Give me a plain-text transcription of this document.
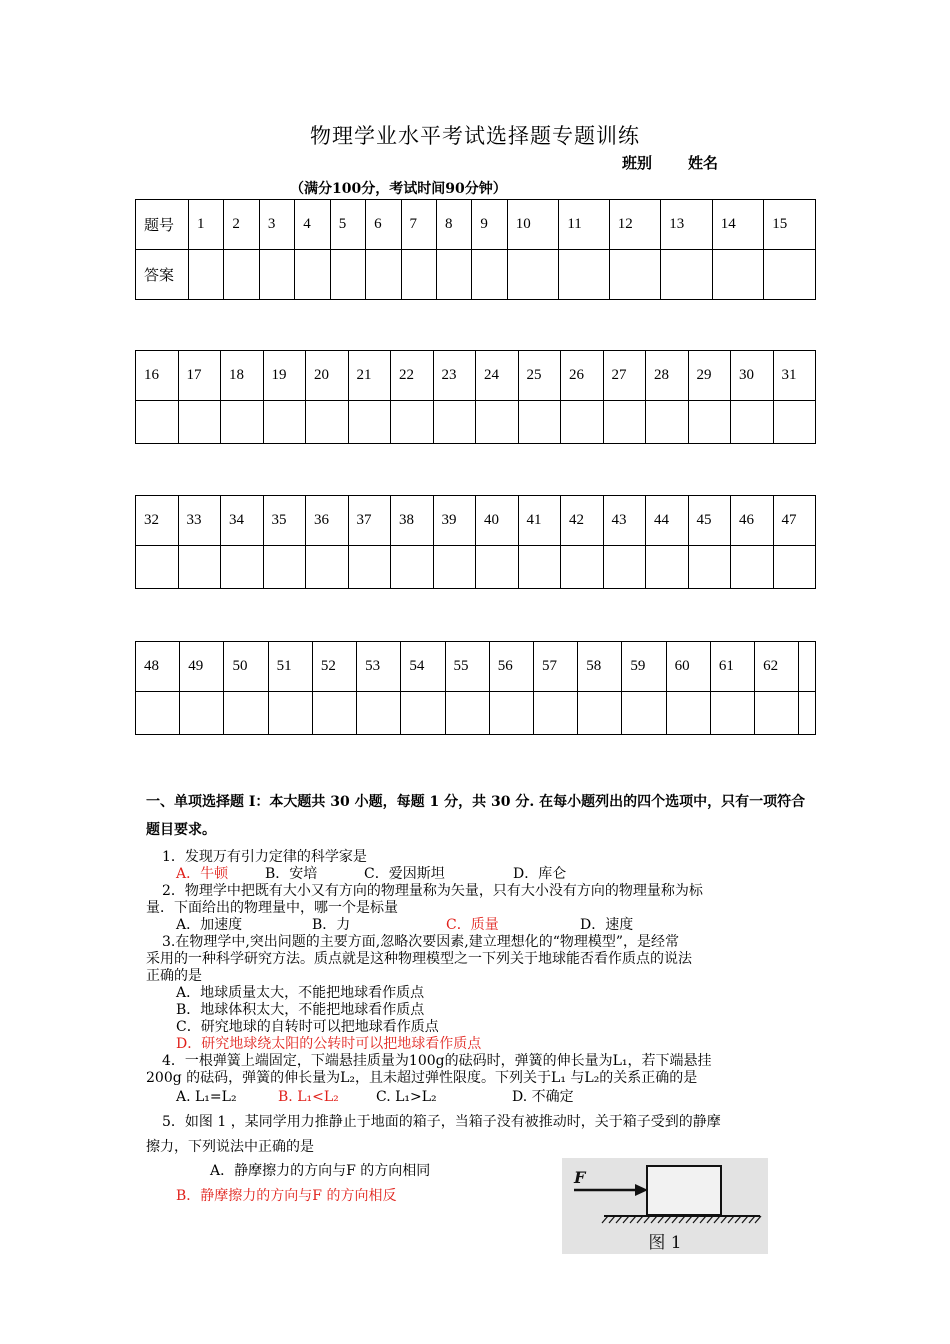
物理学业水平考试选择题专题训练
班别 姓名
（满分100分，考试时间90分钟）
题号	1	2	3	4	5	6	7	8	9	10	11	12	13	14	15
答案															
16	17	18	19	20	21	22	23	24	25	26	27	28	29	30	31

32	33	34	35	36	37	38	39	40	41	42	43	44	45	46	47

48	49	50	51	52	53	54	55	56	57	58	59	60	61	62	

一、单项选择题 I：本大题共 30 小题，每题 1 分，共 30 分. 在每小题列出的四个选项中，只有一项符合题目要求。
1．发现万有引力定律的科学家是
A．牛顿	B．安培	C．爱因斯坦	D．库仑
2．物理学中把既有大小又有方向的物理量称为矢量，只有大小没有方向的物理量称为标
量．下面给出的物理量中，哪一个是标量
A．加速度	B．力	C．质量	D．速度
3.在物理学中,突出问题的主要方面,忽略次要因素,建立理想化的“物理模型”，是经常
采用的一种科学研究方法。质点就是这种物理模型之一下列关于地球能否看作质点的说法
正确的是
A．地球质量太大，不能把地球看作质点
B．地球体积太大，不能把地球看作质点
C．研究地球的自转时可以把地球看作质点
D．研究地球绕太阳的公转时可以把地球看作质点
4．一根弹簧上端固定，下端悬挂质量为100g的砝码时，弹簧的伸长量为L₁，若下端悬挂
200g 的砝码，弹簧的伸长量为L₂，且未超过弹性限度。下列关于L₁ 与L₂的关系正确的是
A. L₁=L₂	B. L₁<L₂	C. L₁>L₂	D. 不确定
5．如图 1 ，某同学用力推静止于地面的箱子，当箱子没有被推动时，关于箱子受到的静摩
擦力，下列说法中正确的是
A．静摩擦力的方向与F 的方向相同
B．静摩擦力的方向与F 的方向相反
F
图 1
